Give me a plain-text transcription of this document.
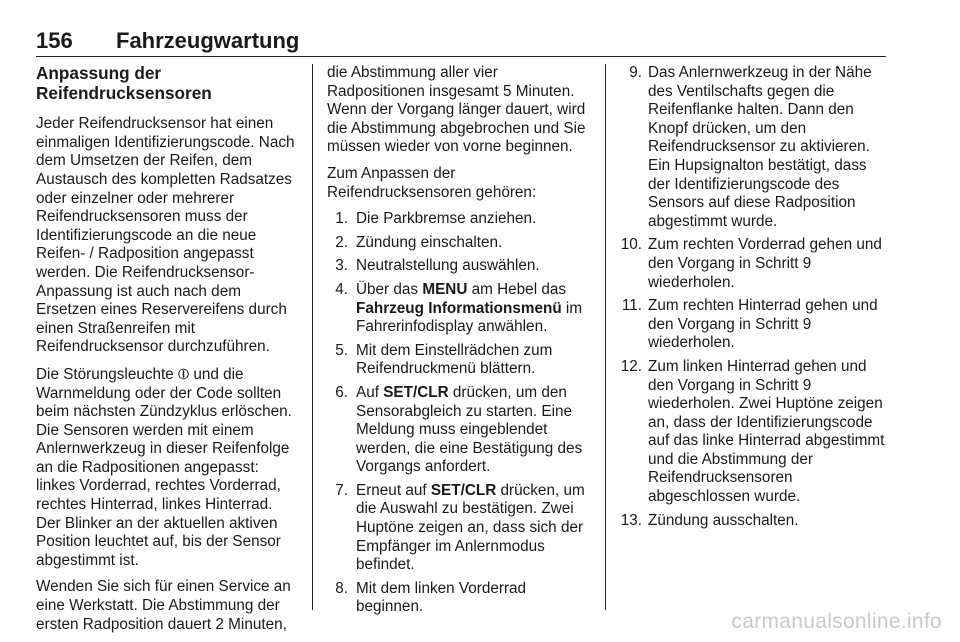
156	Fahrzeugwartung
Anpassung der Reifendrucksensoren

Jeder Reifendrucksensor hat einen einmaligen Identifizierungscode. Nach dem Umsetzen der Reifen, dem Austausch des kompletten Radsatzes oder einzelner oder mehrerer Reifendrucksensoren muss der Identifizierungscode an die neue Reifen- / Radposition angepasst werden. Die Reifendrucksensor-Anpassung ist auch nach dem Ersetzen eines Reservereifens durch einen Straßenreifen mit Reifendrucksensor durchzuführen.

Die Störungsleuchte ⦶ und die Warnmeldung oder der Code sollten beim nächsten Zündzyklus erlöschen. Die Sensoren werden mit einem Anlernwerkzeug in dieser Reifenfolge an die Radpositionen angepasst: linkes Vorderrad, rechtes Vorderrad, rechtes Hinterrad, linkes Hinterrad. Der Blinker an der aktuellen aktiven Position leuchtet auf, bis der Sensor abgestimmt ist.

Wenden Sie sich für einen Service an eine Werkstatt. Die Abstimmung der ersten Radposition dauert 2 Minuten,

die Abstimmung aller vier Radpositionen insgesamt 5 Minuten. Wenn der Vorgang länger dauert, wird die Abstimmung abgebrochen und Sie müssen wieder von vorne beginnen.

Zum Anpassen der Reifendrucksensoren gehören:

1. Die Parkbremse anziehen.
2. Zündung einschalten.
3. Neutralstellung auswählen.
4. Über das MENU am Hebel das Fahrzeug Informationsmenü im Fahrerinfodisplay anwählen.
5. Mit dem Einstellrädchen zum Reifendruckmenü blättern.
6. Auf SET/CLR drücken, um den Sensorabgleich zu starten. Eine Meldung muss eingeblendet werden, die eine Bestätigung des Vorgangs anfordert.
7. Erneut auf SET/CLR drücken, um die Auswahl zu bestätigen. Zwei Huptöne zeigen an, dass sich der Empfänger im Anlernmodus befindet.
8. Mit dem linken Vorderrad beginnen.
9. Das Anlernwerkzeug in der Nähe des Ventilschafts gegen die Reifenflanke halten. Dann den Knopf drücken, um den Reifendrucksensor zu aktivieren. Ein Hupsignalton bestätigt, dass der Identifizierungscode des Sensors auf diese Radposition abgestimmt wurde.
10. Zum rechten Vorderrad gehen und den Vorgang in Schritt 9 wiederholen.
11. Zum rechten Hinterrad gehen und den Vorgang in Schritt 9 wiederholen.
12. Zum linken Hinterrad gehen und den Vorgang in Schritt 9 wiederholen. Zwei Huptöne zeigen an, dass der Identifizierungscode auf das linke Hinterrad abgestimmt und die Abstimmung der Reifendrucksensoren abgeschlossen wurde.
13. Zündung ausschalten.
carmanualsonline.info
